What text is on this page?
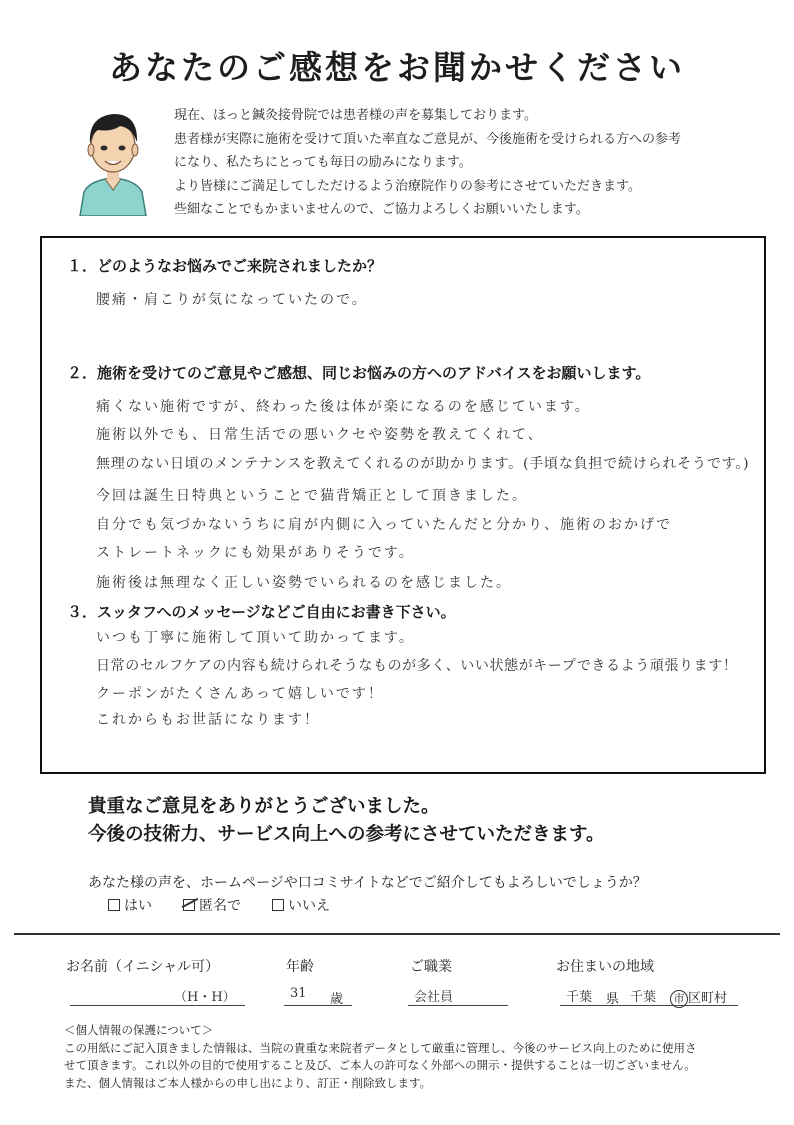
あなたのご感想をお聞かせください
現在、ほっと鍼灸接骨院では患者様の声を募集しております。
患者様が実際に施術を受けて頂いた率直なご意見が、今後施術を受けられる方への参考
になり、私たちにとっても毎日の励みになります。
より皆様にご満足してしただけるよう治療院作りの参考にさせていただきます。
些細なことでもかまいませんので、ご協力よろしくお願いいたします。
１．どのようなお悩みでご来院されましたか？
腰痛・肩こりが気になっていたので。
２．施術を受けてのご意見やご感想、同じお悩みの方へのアドバイスをお願いします。
痛くない施術ですが、終わった後は体が楽になるのを感じています。
施術以外でも、日常生活での悪いクセや姿勢を教えてくれて、
無理のない日頃のメンテナンスを教えてくれるのが助かります。(手頃な負担で続けられそうです。)
今回は誕生日特典ということで猫背矯正として頂きました。
自分でも気づかないうちに肩が内側に入っていたんだと分かり、施術のおかげで
ストレートネックにも効果がありそうです。
施術後は無理なく正しい姿勢でいられるのを感じました。
３．スッタフへのメッセージなどご自由にお書き下さい。
いつも丁寧に施術して頂いて助かってます。
日常のセルフケアの内容も続けられそうなものが多く、いい状態がキープできるよう頑張ります！
クーポンがたくさんあって嬉しいです！
これからもお世話になります！
貴重なご意見をありがとうございました。
今後の技術力、サービス向上への参考にさせていただきます。
あなた様の声を、ホームページや口コミサイトなどでご紹介してもよろしいでしょうか？
はい	匿名で	いいえ
お名前（イニシャル可）	年齢	ご職業	お住まいの地域
（H・H）	31 歳	会社員	千葉 県 千葉	市 区町村
＜個人情報の保護について＞
この用紙にご記入頂きました情報は、当院の貴重な来院者データとして厳重に管理し、今後のサービス向上のために使用さ
せて頂きます。これ以外の目的で使用すること及び、ご本人の許可なく外部への開示・提供することは一切ございません。
また、個人情報はご本人様からの申し出により、訂正・削除致します。
